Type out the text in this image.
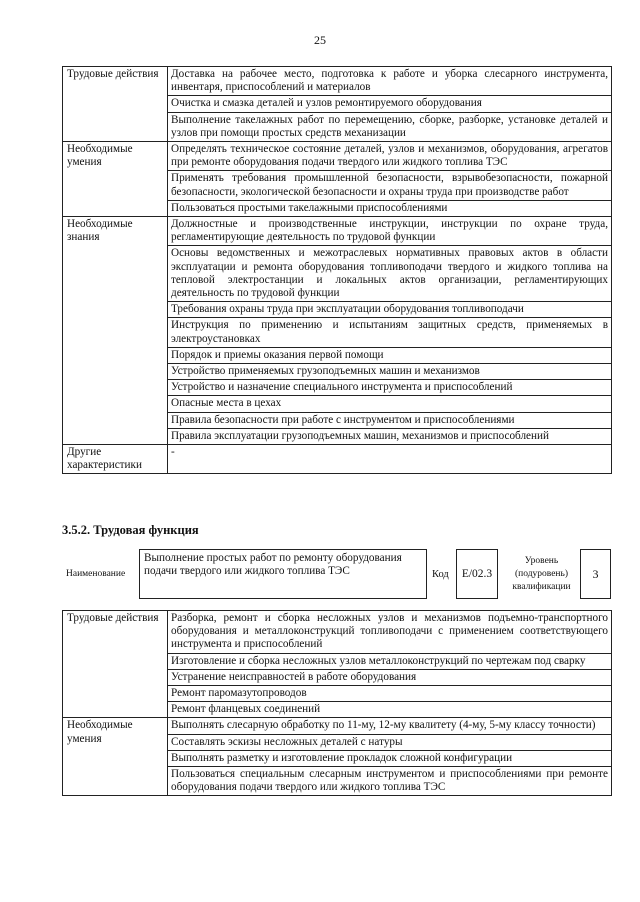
25
Трудовые действия	Доставка на рабочее место, подготовка к работе и уборка слесарного инструмента, инвентаря, приспособлений и материалов
	Очистка и смазка деталей и узлов ремонтируемого оборудования
	Выполнение такелажных работ по перемещению, сборке, разборке, установке деталей и узлов при помощи простых средств механизации
Необходимые умения	Определять техническое состояние деталей, узлов и механизмов, оборудования, агрегатов при ремонте оборудования подачи твердого или жидкого топлива ТЭС
	Применять требования промышленной безопасности, взрывобезопасности, пожарной безопасности, экологической безопасности и охраны труда при производстве работ
	Пользоваться простыми такелажными приспособлениями
Необходимые знания	Должностные и производственные инструкции, инструкции по охране труда, регламентирующие деятельность по трудовой функции
	Основы ведомственных и межотраслевых нормативных правовых актов в области эксплуатации и ремонта оборудования топливоподачи твердого и жидкого топлива на тепловой электростанции и локальных актов организации, регламентирующих деятельность по трудовой функции
	Требования охраны труда при эксплуатации оборудования топливоподачи
	Инструкция по применению и испытаниям защитных средств, применяемых в электроустановках
	Порядок и приемы оказания первой помощи
	Устройство применяемых грузоподъемных машин и механизмов
	Устройство и назначение специального инструмента и приспособлений
	Опасные места в цехах
	Правила безопасности при работе с инструментом и приспособлениями
	Правила эксплуатации грузоподъемных машин, механизмов и приспособлений
Другие характеристики	-
3.5.2. Трудовая функция
Наименование
Выполнение простых работ по ремонту оборудования подачи твердого или жидкого топлива ТЭС	Код	E/02.3
Уровень
(подуровень)
квалификации
3
Трудовые действия	Разборка, ремонт и сборка несложных узлов и механизмов подъемно-транспортного оборудования и металлоконструкций топливоподачи с применением соответствующего инструмента и приспособлений
	Изготовление и сборка несложных узлов металлоконструкций по чертежам под сварку
	Устранение неисправностей в работе оборудования
	Ремонт паромазутопроводов
	Ремонт фланцевых соединений
Необходимые умения	Выполнять слесарную обработку по 11-му, 12-му квалитету (4-му, 5-му классу точности)
	Составлять эскизы несложных деталей с натуры
	Выполнять разметку и изготовление прокладок сложной конфигурации
	Пользоваться специальным слесарным инструментом и приспособлениями при ремонте оборудования подачи твердого или жидкого топлива ТЭС
